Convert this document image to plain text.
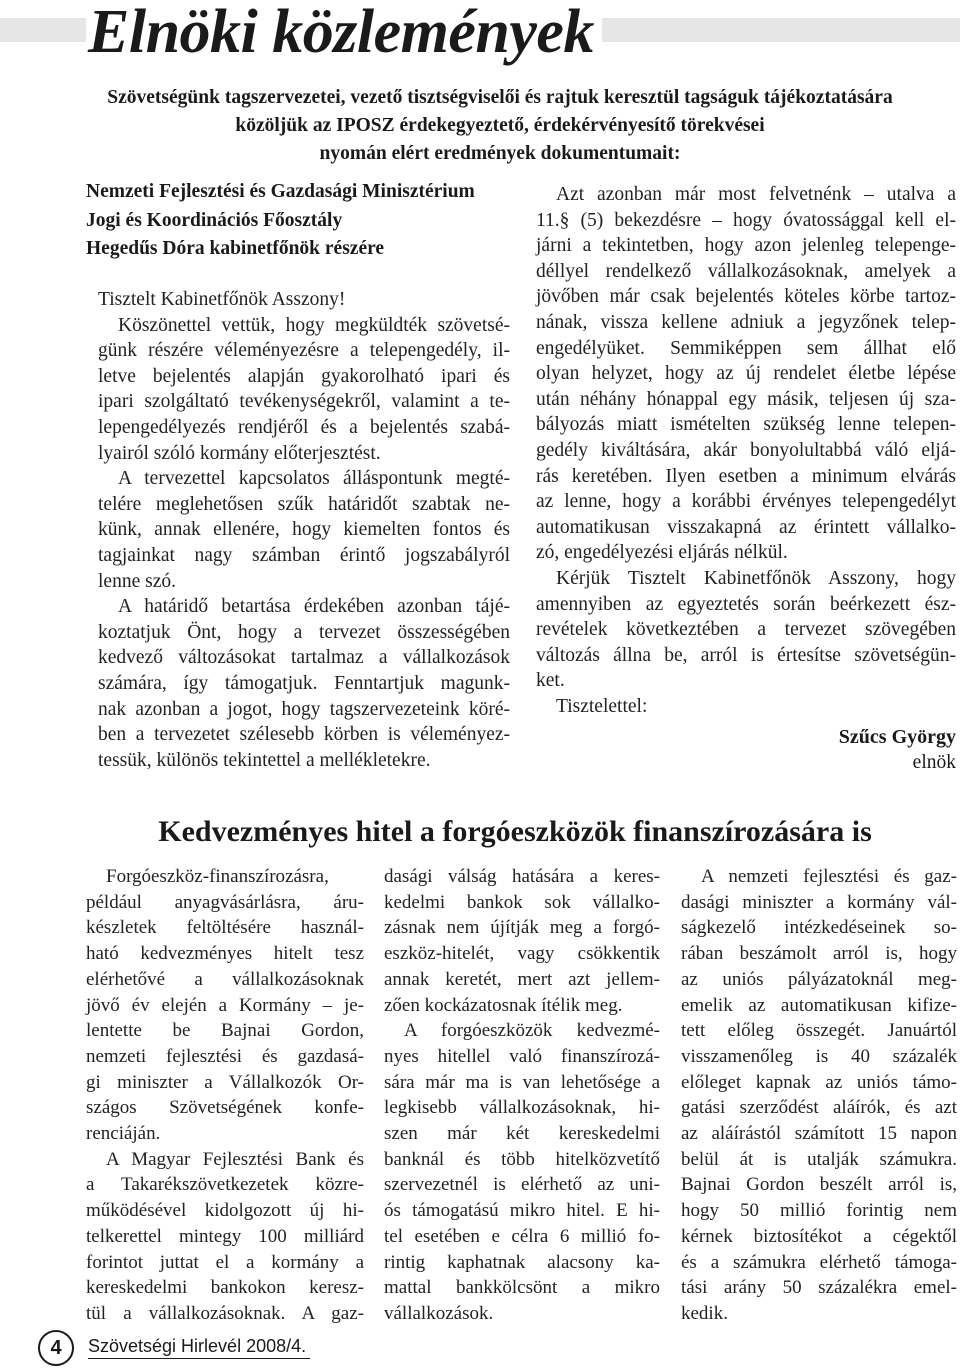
Elnöki közlemények
Szövetségünk tagszervezetei, vezető tisztségviselői és rajtuk keresztül tagságuk tájékoztatására
közöljük az IPOSZ érdekegyeztető, érdekérvényesítő törekvései
nyomán elért eredmények dokumentumait:
Nemzeti Fejlesztési és Gazdasági Minisztérium
Jogi és Koordinációs Főosztály
Hegedűs Dóra kabinetfőnök részére
Tisztelt Kabinetfőnök Asszony!
Köszönettel vettük, hogy megküldték szövetsé-
günk részére véleményezésre a telepengedély, il-
letve bejelentés alapján gyakorolható ipari és
ipari szolgáltató tevékenységekről, valamint a te-
lepengedélyezés rendjéről és a bejelentés szabá-
lyairól szóló kormány előterjesztést.
A tervezettel kapcsolatos álláspontunk megté-
telére meglehetősen szűk határidőt szabtak ne-
künk, annak ellenére, hogy kiemelten fontos és
tagjainkat nagy számban érintő jogszabályról
lenne szó.
A határidő betartása érdekében azonban tájé-
koztatjuk Önt, hogy a tervezet összességében
kedvező változásokat tartalmaz a vállalkozások
számára, így támogatjuk. Fenntartjuk magunk-
nak azonban a jogot, hogy tagszervezeteink köré-
ben a tervezetet szélesebb körben is véleményez-
tessük, különös tekintettel a mellékletekre.
Azt azonban már most felvetnénk – utalva a
11.§ (5) bekezdésre – hogy óvatossággal kell el-
járni a tekintetben, hogy azon jelenleg telepenge-
déllyel rendelkező vállalkozásoknak, amelyek a
jövőben már csak bejelentés köteles körbe tartoz-
nának, vissza kellene adniuk a jegyzőnek telep-
engedélyüket. Semmiképpen sem állhat elő
olyan helyzet, hogy az új rendelet életbe lépése
után néhány hónappal egy másik, teljesen új sza-
bályozás miatt ismételten szükség lenne telepen-
gedély kiváltására, akár bonyolultabbá váló eljá-
rás keretében. Ilyen esetben a minimum elvárás
az lenne, hogy a korábbi érvényes telepengedélyt
automatikusan visszakapná az érintett vállalko-
zó, engedélyezési eljárás nélkül.
Kérjük Tisztelt Kabinetfőnök Asszony, hogy
amennyiben az egyeztetés során beérkezett ész-
revételek következtében a tervezet szövegében
változás állna be, arról is értesítse szövetségün-
ket.
Tisztelettel:
Szűcs György
elnök
Kedvezményes hitel a forgóeszközök finanszírozására is
Forgóeszköz-finanszírozásra,
például anyagvásárlásra, áru-
készletek feltöltésére használ-
ható kedvezményes hitelt tesz
elérhetővé a vállalkozásoknak
jövő év elején a Kormány – je-
lentette be Bajnai Gordon,
nemzeti fejlesztési és gazdasá-
gi miniszter a Vállalkozók Or-
szágos Szövetségének konfe-
renciáján.
A Magyar Fejlesztési Bank és
a Takarékszövetkezetek közre-
működésével kidolgozott új hi-
telkerettel mintegy 100 milliárd
forintot juttat el a kormány a
kereskedelmi bankokon keresz-
tül a vállalkozásoknak. A gaz-
dasági válság hatására a keres-
kedelmi bankok sok vállalko-
zásnak nem újítják meg a forgó-
eszköz-hitelét, vagy csökkentik
annak keretét, mert azt jellem-
zően kockázatosnak ítélik meg.
A forgóeszközök kedvezmé-
nyes hitellel való finanszírozá-
sára már ma is van lehetősége a
legkisebb vállalkozásoknak, hi-
szen már két kereskedelmi
banknál és több hitelközvetítő
szervezetnél is elérhető az uni-
ós támogatású mikro hitel. E hi-
tel esetében e célra 6 millió fo-
rintig kaphatnak alacsony ka-
mattal bankkölcsönt a mikro
vállalkozások.
A nemzeti fejlesztési és gaz-
dasági miniszter a kormány vál-
ságkezelő intézkedéseinek so-
rában beszámolt arról is, hogy
az uniós pályázatoknál meg-
emelik az automatikusan kifize-
tett előleg összegét. Januártól
visszamenőleg is 40 százalék
előleget kapnak az uniós támo-
gatási szerződést aláírók, és azt
az aláírástól számított 15 napon
belül át is utalják számukra.
Bajnai Gordon beszélt arról is,
hogy 50 millió forintig nem
kérnek biztosítékot a cégektől
és a számukra elérhető támoga-
tási arány 50 százalékra emel-
kedik.
4	Szövetségi Hirlevél 2008/4.
